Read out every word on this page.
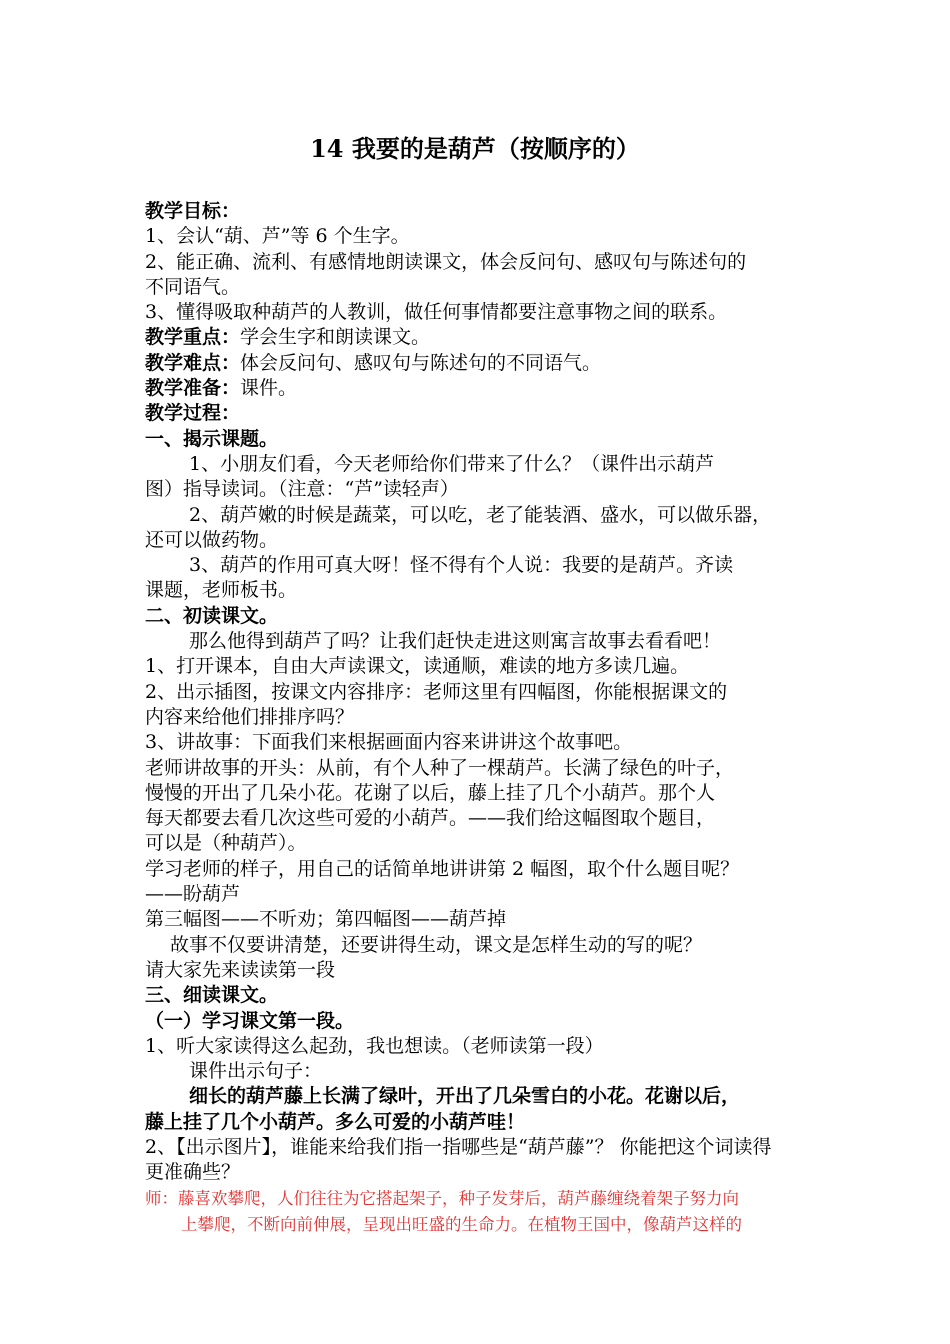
14 我要的是葫芦（按顺序的）
教学目标：
1、会认“葫、芦”等 6 个生字。
2、能正确、流利、有感情地朗读课文，体会反问句、感叹句与陈述句的
不同语气。
3、懂得吸取种葫芦的人教训，做任何事情都要注意事物之间的联系。
教学重点：学会生字和朗读课文。
教学难点：体会反问句、感叹句与陈述句的不同语气。
教学准备：课件。
教学过程：
一、揭示课题。
1、小朋友们看，今天老师给你们带来了什么？（课件出示葫芦
图）指导读词。（注意：“芦”读轻声）
2、葫芦嫩的时候是蔬菜，可以吃，老了能装酒、盛水，可以做乐器，
还可以做药物。
3、葫芦的作用可真大呀！怪不得有个人说：我要的是葫芦。齐读
课题，老师板书。
二、初读课文。
那么他得到葫芦了吗？让我们赶快走进这则寓言故事去看看吧！
1、打开课本，自由大声读课文，读通顺，难读的地方多读几遍。
2、出示插图，按课文内容排序：老师这里有四幅图，你能根据课文的
内容来给他们排排序吗？
3、讲故事：下面我们来根据画面内容来讲讲这个故事吧。
老师讲故事的开头：从前，有个人种了一棵葫芦。长满了绿色的叶子，
慢慢的开出了几朵小花。花谢了以后，藤上挂了几个小葫芦。那个人
每天都要去看几次这些可爱的小葫芦。——我们给这幅图取个题目，
可以是（种葫芦）。
学习老师的样子，用自己的话简单地讲讲第 2 幅图，取个什么题目呢？
——盼葫芦
第三幅图——不听劝；第四幅图——葫芦掉
故事不仅要讲清楚，还要讲得生动，课文是怎样生动的写的呢？
请大家先来读读第一段
三、细读课文。
（一）学习课文第一段。
1、听大家读得这么起劲，我也想读。（老师读第一段）
课件出示句子：
细长的葫芦藤上长满了绿叶，开出了几朵雪白的小花。花谢以后，
藤上挂了几个小葫芦。多么可爱的小葫芦哇！
2、【出示图片】，谁能来给我们指一指哪些是“葫芦藤”？ 你能把这个词读得
更准确些？
师：藤喜欢攀爬，人们往往为它搭起架子，种子发芽后，葫芦藤缠绕着架子努力向
上攀爬，不断向前伸展，呈现出旺盛的生命力。在植物王国中，像葫芦这样的
